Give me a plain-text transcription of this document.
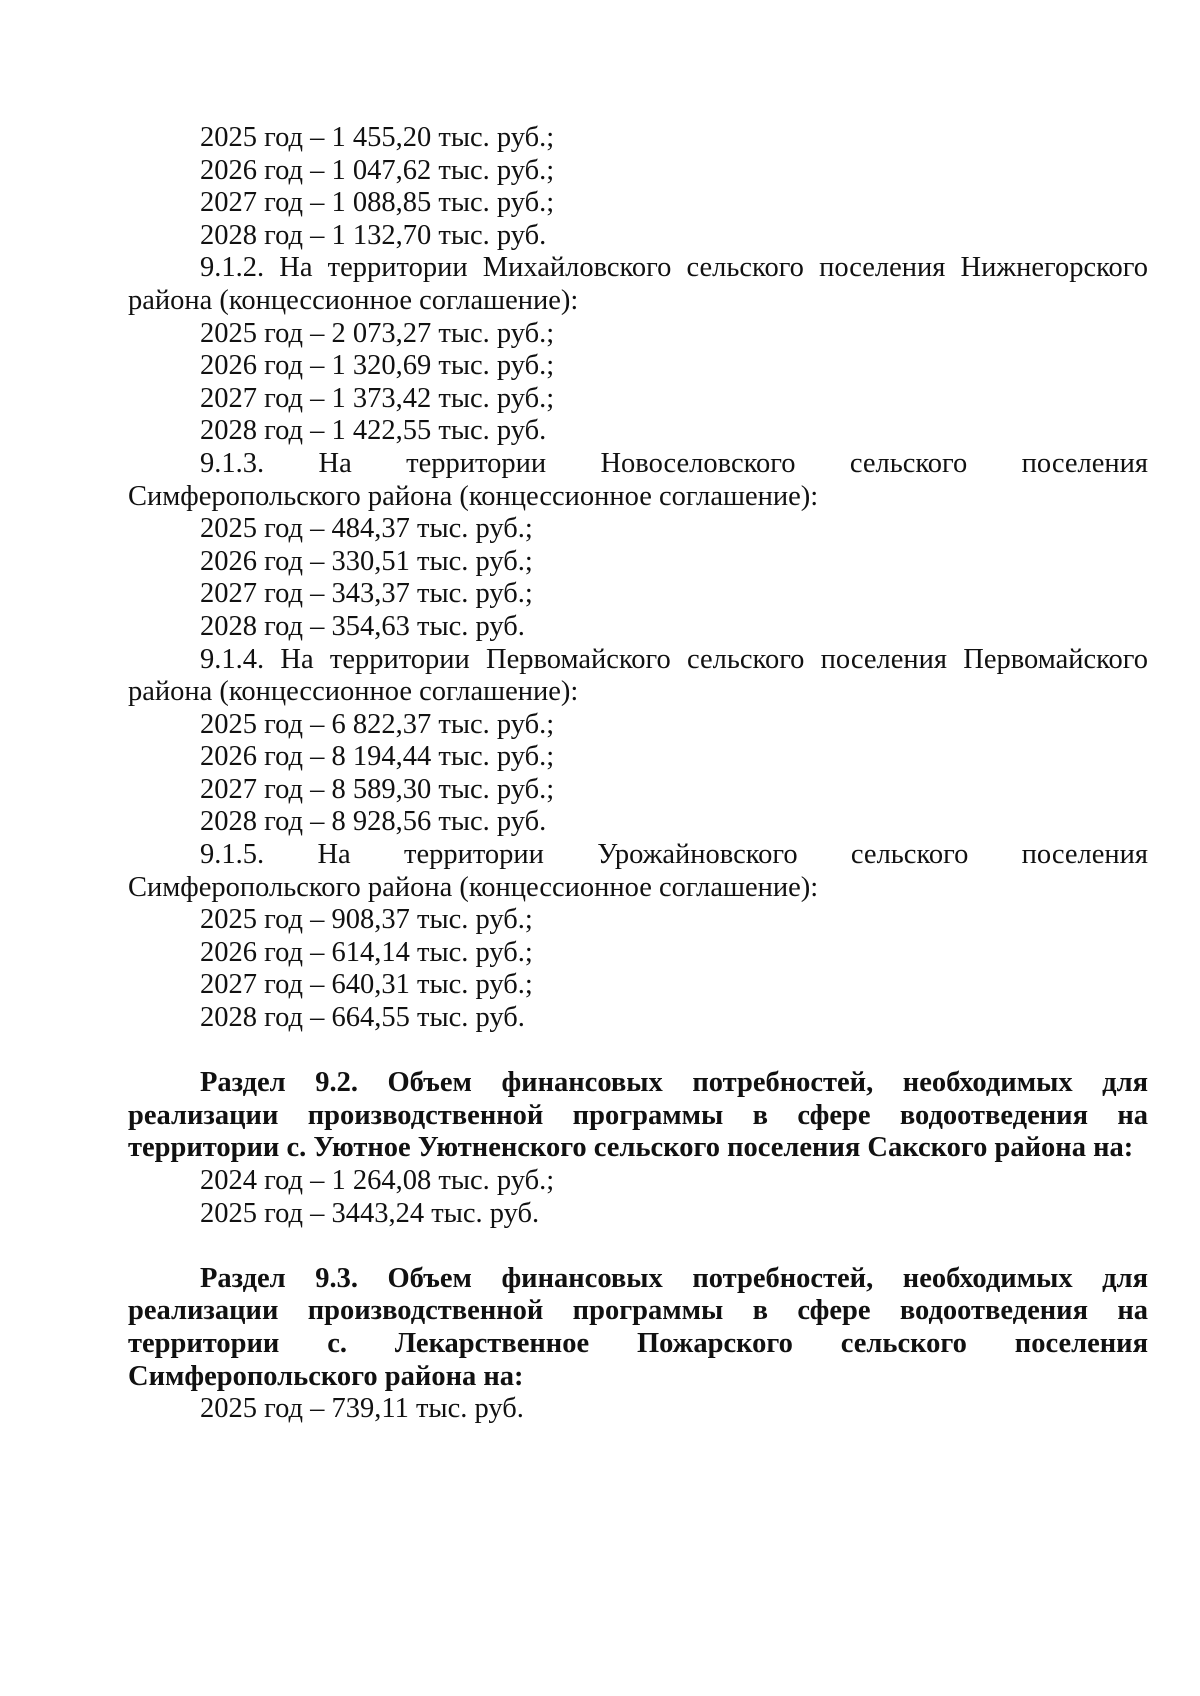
2025 год – 1 455,20 тыс. руб.;
2026 год – 1 047,62 тыс. руб.;
2027 год – 1 088,85 тыс. руб.;
2028 год – 1 132,70 тыс. руб.
9.1.2. На территории Михайловского сельского поселения Нижнегорского района (концессионное соглашение):
2025 год – 2 073,27 тыс. руб.;
2026 год – 1 320,69 тыс. руб.;
2027 год – 1 373,42 тыс. руб.;
2028 год – 1 422,55 тыс. руб.
9.1.3. На территории Новоселовского сельского поселения Симферопольского района (концессионное соглашение):
2025 год – 484,37 тыс. руб.;
2026 год – 330,51 тыс. руб.;
2027 год – 343,37 тыс. руб.;
2028 год – 354,63 тыс. руб.
9.1.4. На территории Первомайского сельского поселения Первомайского района (концессионное соглашение):
2025 год – 6 822,37 тыс. руб.;
2026 год – 8 194,44 тыс. руб.;
2027 год – 8 589,30 тыс. руб.;
2028 год – 8 928,56 тыс. руб.
9.1.5. На территории Урожайновского сельского поселения Симферопольского района (концессионное соглашение):
2025 год – 908,37 тыс. руб.;
2026 год – 614,14 тыс. руб.;
2027 год – 640,31 тыс. руб.;
2028 год – 664,55 тыс. руб.
Раздел 9.2. Объем финансовых потребностей, необходимых для реализации производственной программы в сфере водоотведения на территории с. Уютное Уютненского сельского поселения Сакского района на:
2024 год – 1 264,08 тыс. руб.;
2025 год – 3443,24 тыс. руб.
Раздел 9.3. Объем финансовых потребностей, необходимых для реализации производственной программы в сфере водоотведения на территории с. Лекарственное Пожарского сельского поселения Симферопольского района на:
2025 год – 739,11 тыс. руб.
